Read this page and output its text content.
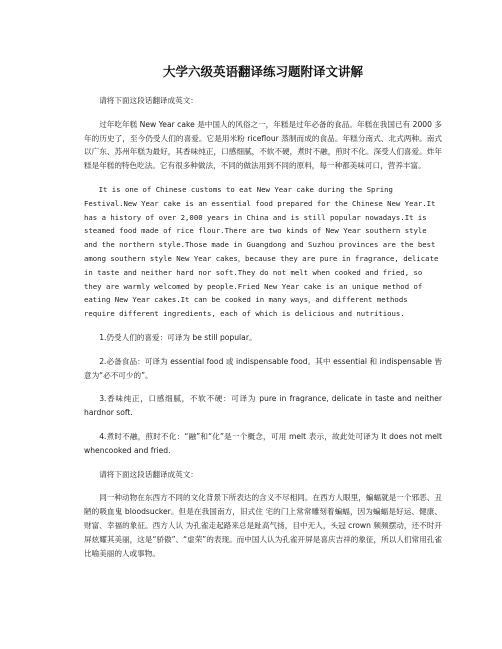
大学六级英语翻译练习题附译文讲解

请将下面这段话翻译成英文：

过年吃年糕 New Year cake 是中国人的风俗之一，年糕是过年必备的食品。年糕在我国已有 2000 多年的历史了，至今仍受人们的喜爱。它是用米粉 riceflour 蒸制而成的食品。年糕分南式、北式两种。南式以广东、苏州年糕为最好，其香味纯正，口感细腻，不软不硬，煮时不融，煎时不化。深受人们喜爱。炸年糕是年糕的特色吃法。它有很多种做法，不同的做法用到不同的原料，每一种都美味可口，营养丰富。

It is one of Chinese customs to eat New Year cake during the Spring Festival.New Year cake is an essential food prepared for the Chinese New Year.It has a history of over 2,000 years in China and is still popular nowadays.It is steamed food made of rice flour.There are two kinds of New Year southern style and the northern style.Those made in Guangdong and Suzhou provinces are the best among southern style New Year cakes，because they are pure in fragrance, delicate in taste and neither hard nor soft.They do not melt when cooked and fried, so they are warmly welcomed by people.Fried New Year cake is an unique method of eating New Year cakes.It can be cooked in many ways，and different methods require different ingredients, each of which is delicious and nutritious.

1.仍受人们的喜爱：可译为 be still popular。

2.必备食品：可译为 essential food 或 indispensable food。其中 essential 和 indispensable 皆意为“必不可少的”。

3.香味纯正，口感细腻，不软不硬：可译为 pure in fragrance, delicate in taste and neither hardnor soft.

4.煮时不融，煎时不化：“融”和“化”是一个概念，可用 melt 表示，故此处可译为 It does not melt whencooked and fried.

请将下面这段话翻译成英文：

同一种动物在东西方不同的文化背景下所表达的含义不尽相同。在西方人眼里，蝙蝠就是一个邪恶、丑陋的吸血鬼 bloodsucker。但是在我国南方，旧式住 宅的门上常常雕刻着蝙蝠，因为蝙蝠是好运、健康、财富、幸福的象征。西方人认 为孔雀走起路来总是趾高气扬，目中无人，头冠 crown 频频摆动，还不时开屏炫耀其美丽，这是“骄傲”、“虚荣”的表现。而中国人认为孔雀开屏是喜庆吉祥的象征，所以人们常用孔雀比喻美丽的人或事物。
